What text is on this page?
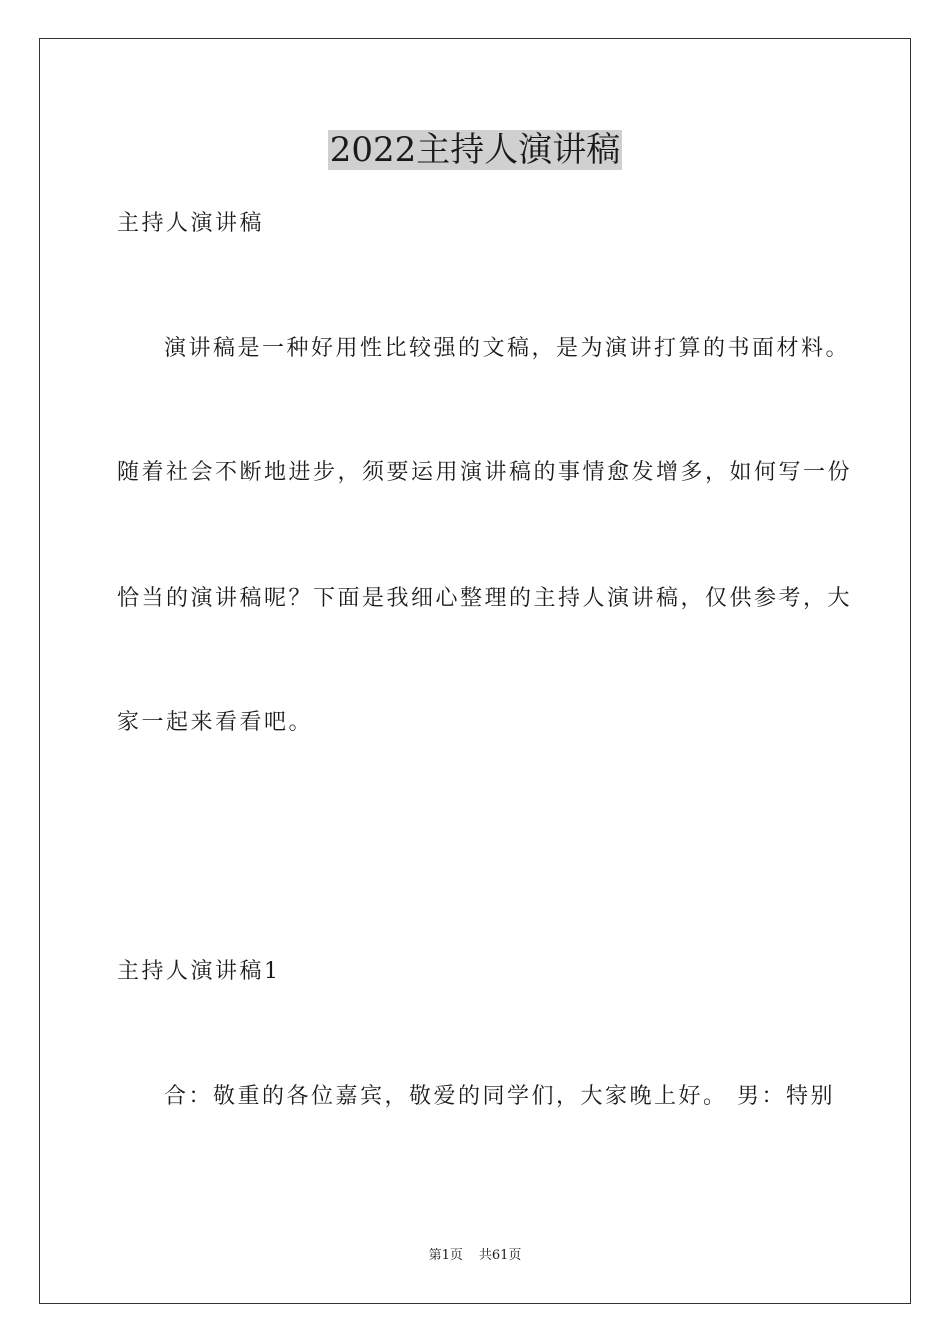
2022主持人演讲稿
主持人演讲稿
演讲稿是一种好用性比较强的文稿，是为演讲打算的书面材料。
随着社会不断地进步，须要运用演讲稿的事情愈发增多，如何写一份
恰当的演讲稿呢？下面是我细心整理的主持人演讲稿，仅供参考，大
家一起来看看吧。
主持人演讲稿1
合：敬重的各位嘉宾，敬爱的同学们，大家晚上好。 男：特别
第1页 共61页
